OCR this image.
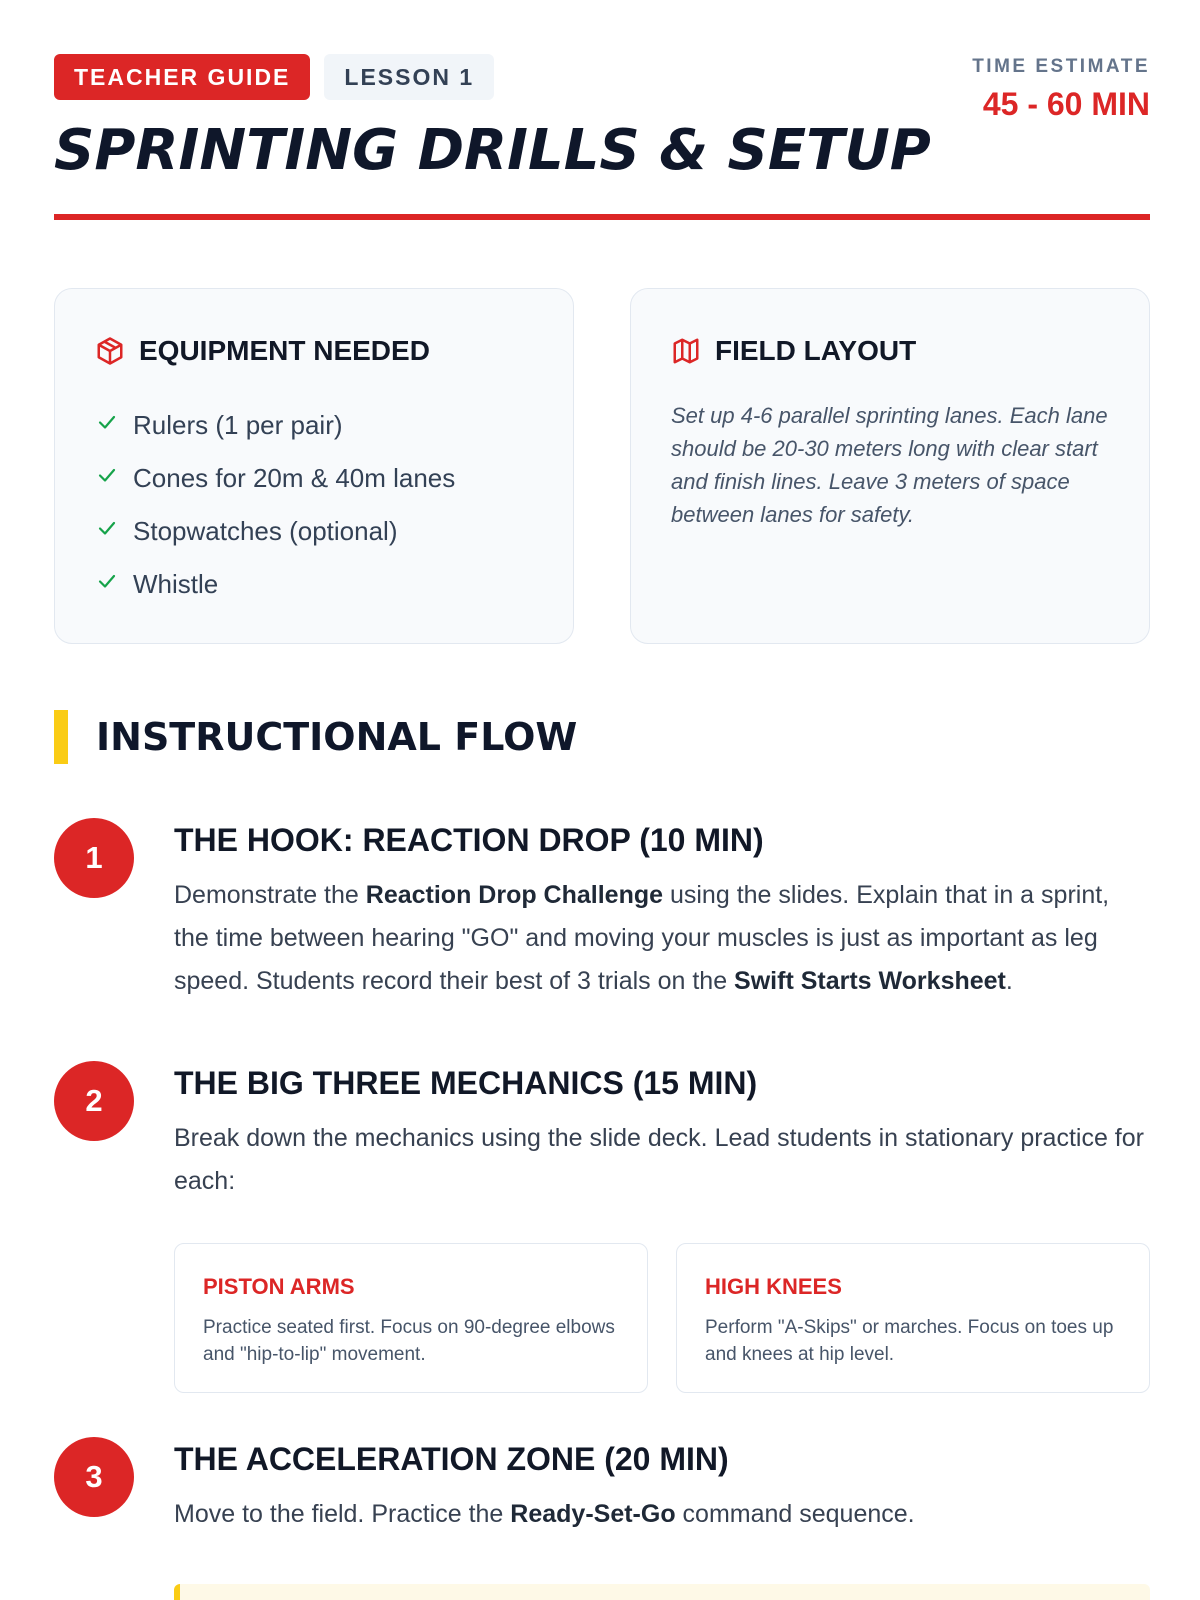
TEACHER GUIDE	LESSON 1	TIME ESTIMATE
45 - 60 MIN
SPRINTING DRILLS & SETUP
EQUIPMENT NEEDED
Rulers (1 per pair)
Cones for 20m & 40m lanes
Stopwatches (optional)
Whistle
FIELD LAYOUT

Set up 4-6 parallel sprinting lanes. Each lane should be 20-30 meters long with clear start and finish lines. Leave 3 meters of space between lanes for safety.

INSTRUCTIONAL FLOW
1	THE HOOK: REACTION DROP (10 MIN)

Demonstrate the Reaction Drop Challenge using the slides. Explain that in a sprint, the time between hearing "GO" and moving your muscles is just as important as leg speed. Students record their best of 3 trials on the Swift Starts Worksheet.

2	THE BIG THREE MECHANICS (15 MIN)

Break down the mechanics using the slide deck. Lead students in stationary practice for each:

PISTON ARMS
Practice seated first. Focus on 90-degree elbows and "hip-to-lip" movement.
HIGH KNEES
Perform "A-Skips" or marches. Focus on toes up and knees at hip level.
3	THE ACCELERATION ZONE (20 MIN)

Move to the field. Practice the Ready-Set-Go command sequence.
